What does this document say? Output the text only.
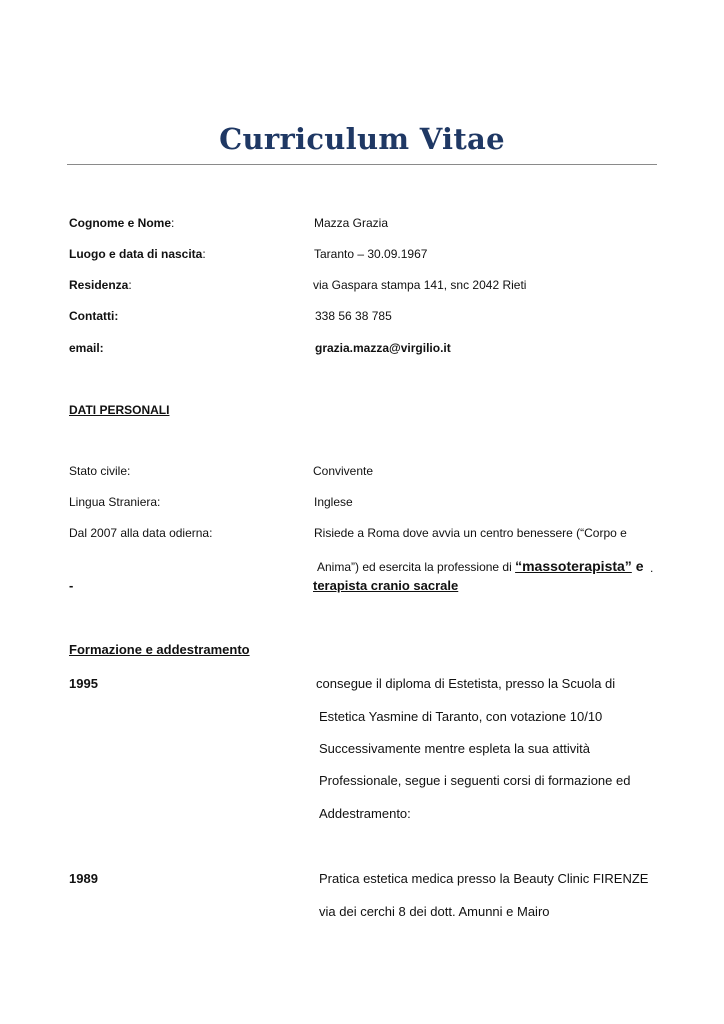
Curriculum Vitae
Cognome e Nome:	Mazza Grazia
Luogo e data di nascita:	Taranto – 30.09.1967
Residenza:	via Gaspara stampa 141, snc 2042 Rieti
Contatti:	338 56 38 785
email:	grazia.mazza@virgilio.it
DATI PERSONALI
Stato civile:	Convivente
Lingua Straniera:	Inglese
Dal 2007 alla data odierna:	Risiede a Roma dove avvia un centro benessere (“Corpo e
Anima”) ed esercita la professione di “massoterapista” e .
-	terapista cranio sacrale
Formazione e addestramento
1995	consegue il diploma di Estetista, presso la Scuola di
Estetica Yasmine di Taranto, con votazione 10/10
Successivamente mentre espleta la sua attività
Professionale, segue i seguenti corsi di formazione ed
Addestramento:
1989	Pratica estetica medica presso la Beauty Clinic FIRENZE
via dei cerchi 8 dei dott. Amunni e Mairo
